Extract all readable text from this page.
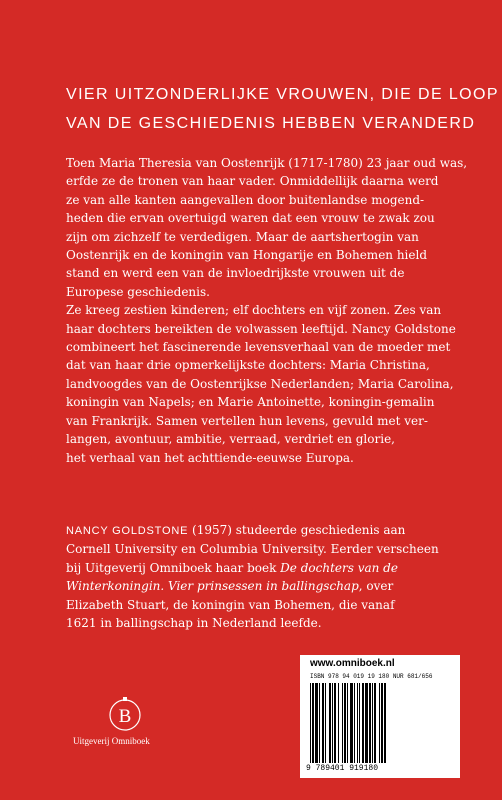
VIER UITZONDERLIJKE VROUWEN, DIE DE LOOP
VAN DE GESCHIEDENIS HEBBEN VERANDERD
Toen Maria Theresia van Oostenrijk (1717-1780) 23 jaar oud was,
erfde ze de tronen van haar vader. Onmiddellijk daarna werd
ze van alle kanten aangevallen door buitenlandse mogend-
heden die ervan overtuigd waren dat een vrouw te zwak zou
zijn om zichzelf te verdedigen. Maar de aartshertogin van
Oostenrijk en de koningin van Hongarije en Bohemen hield
stand en werd een van de invloedrijkste vrouwen uit de
Europese geschiedenis.
Ze kreeg zestien kinderen; elf dochters en vijf zonen. Zes van
haar dochters bereikten de volwassen leeftijd. Nancy Goldstone
combineert het fascinerende levensverhaal van de moeder met
dat van haar drie opmerkelijkste dochters: Maria Christina,
landvoogdes van de Oostenrijkse Nederlanden; Maria Carolina,
koningin van Napels; en Marie Antoinette, koningin-gemalin
van Frankrijk. Samen vertellen hun levens, gevuld met ver-
langen, avontuur, ambitie, verraad, verdriet en glorie,
het verhaal van het achttiende-eeuwse Europa.
NANCY GOLDSTONE (1957) studeerde geschiedenis aan
Cornell University en Columbia University. Eerder verscheen
bij Uitgeverij Omniboek haar boek De dochters van de
Winterkoningin. Vier prinsessen in ballingschap, over
Elizabeth Stuart, de koningin van Bohemen, die vanaf
1621 in ballingschap in Nederland leefde.
B
Uitgeverij Omniboek
www.omniboek.nl
ISBN 978 94 019 19 180 NUR 681/656
9 789401 919180
